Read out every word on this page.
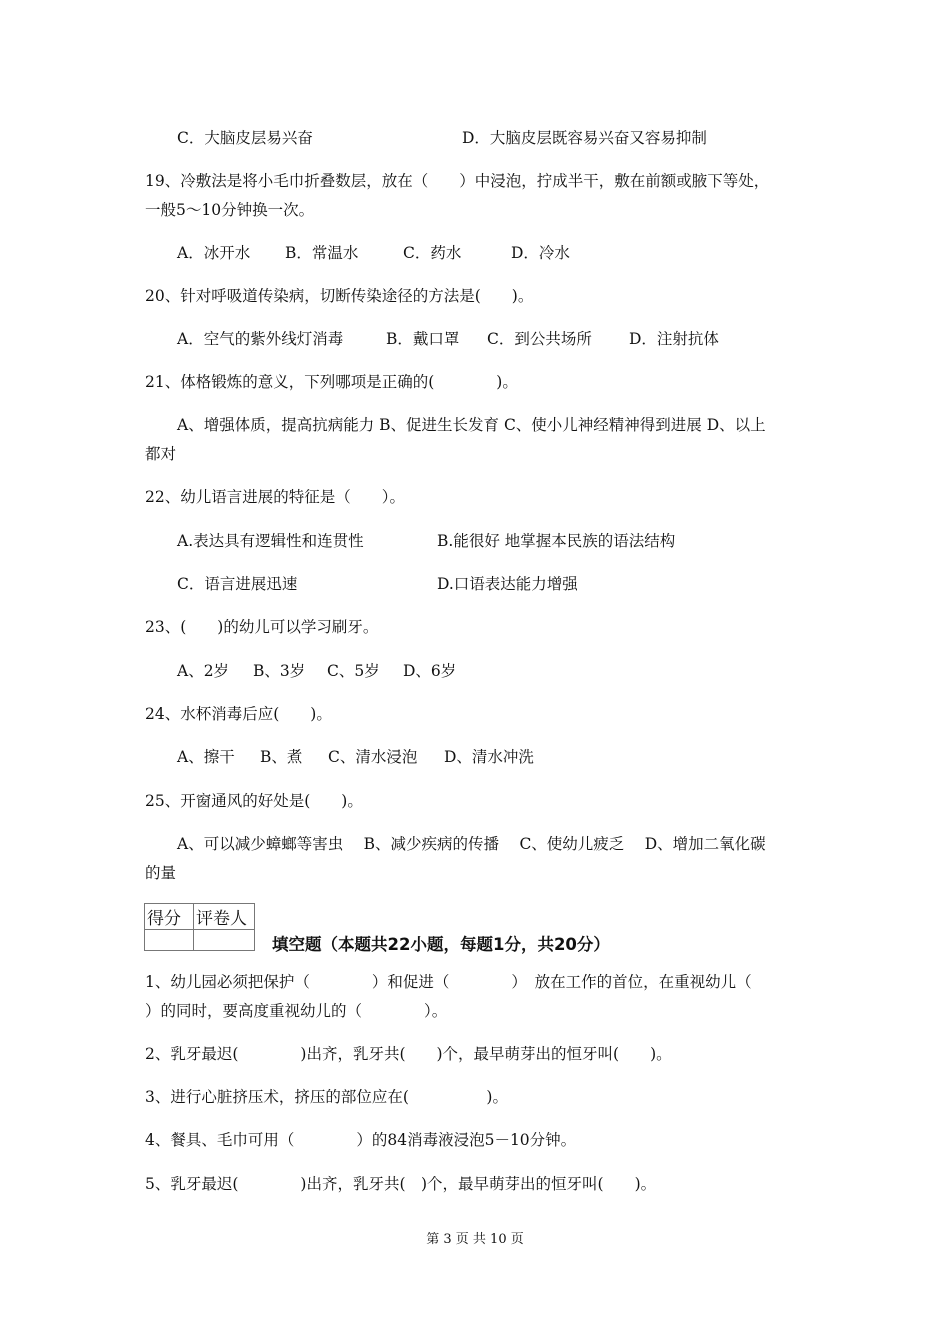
C．大脑皮层易兴奋	D．大脑皮层既容易兴奋又容易抑制
19、冷敷法是将小毛巾折叠数层，放在（　　）中浸泡，拧成半干，敷在前额或腋下等处，
一般5～10分钟换一次。
A．冰开水 B．常温水	C．药水	D．冷水
20、针对呼吸道传染病，切断传染途径的方法是(　　)。
A．空气的紫外线灯消毒	B．戴口罩 C．到公共场所 D．注射抗体
21、体格锻炼的意义，下列哪项是正确的(　　　　)。
A、增强体质，提高抗病能力 B、促进生长发育 C、使小儿神经精神得到进展 D、以上
都对
22、幼儿语言进展的特征是（　　）。
A.表达具有逻辑性和连贯性	B.能很好 地掌握本民族的语法结构
C．语言进展迅速	D.口语表达能力增强
23、(　　)的幼儿可以学习刷牙。
A、2岁 B、3岁 C、5岁 D、6岁
24、水杯消毒后应(　　)。
A、擦干 B、煮 C、清水浸泡 D、清水冲洗
25、开窗通风的好处是(　　)。
A、可以减少蟑螂等害虫　 B、减少疾病的传播　 C、使幼儿疲乏　 D、增加二氧化碳
的量
得分	评卷人

填空题（本题共22小题，每题1分，共20分）
1、幼儿园必须把保护（　　　　）和促进（　　　　）　放在工作的首位，在重视幼儿（
）的同时，要高度重视幼儿的（　　　　）。
2、乳牙最迟(　　　　)出齐，乳牙共(　　)个，最早萌芽出的恒牙叫(　　)。
3、进行心脏挤压术，挤压的部位应在(　　　　　)。
4、餐具、毛巾可用（　　　　）的84消毒液浸泡5－10分钟。
5、乳牙最迟(　　　　)出齐，乳牙共(　)个，最早萌芽出的恒牙叫(　　)。
第 3 页 共 10 页
